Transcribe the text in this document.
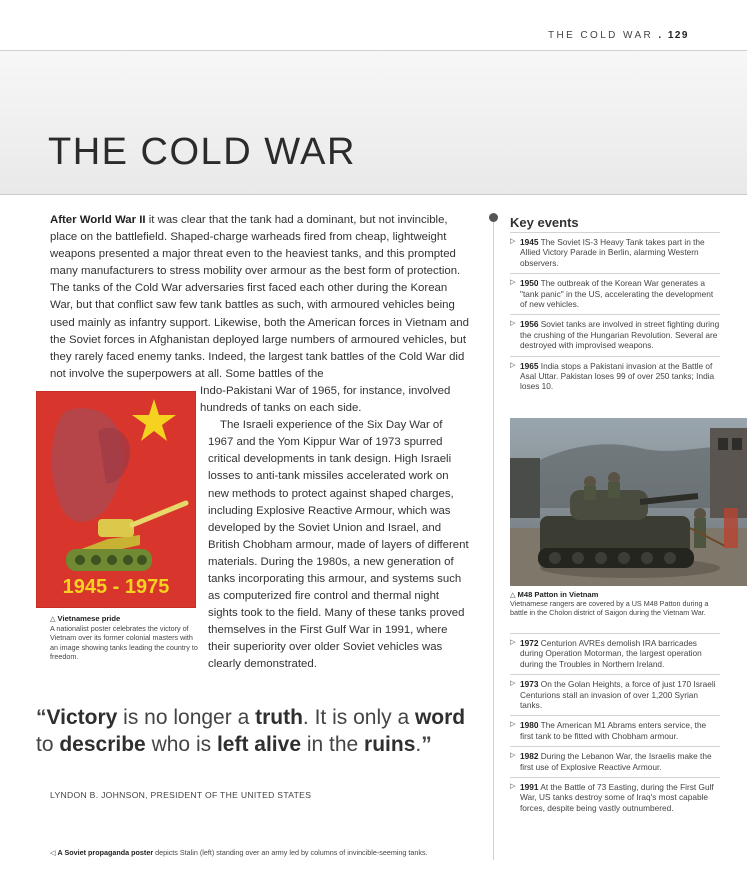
THE COLD WAR . 129
THE COLD WAR

After World War II it was clear that the tank had a dominant, but not invincible, place on the battlefield. Shaped-charge warheads fired from cheap, lightweight weapons presented a major threat even to the heaviest tanks, and this prompted many manufacturers to stress mobility over armour as the best form of protection. The tanks of the Cold War adversaries first faced each other during the Korean War, but that conflict saw few tank battles as such, with armoured vehicles being used mainly as infantry support. Likewise, both the American forces in Vietnam and the Soviet forces in Afghanistan deployed large numbers of armoured vehicles, but they rarely faced enemy tanks. Indeed, the largest tank battles of the Cold War did not involve the superpowers at all. Some battles of the

Indo-Pakistani War of 1965, for instance, involved hundreds of tanks on each side.

The Israeli experience of the Six Day War of 1967 and the Yom Kippur War of 1973 spurred critical developments in tank design. High Israeli losses to anti-tank missiles accelerated work on new methods to protect against shaped charges, including Explosive Reactive Armour, which was developed by the Soviet Union and Israel, and British Chobham armour, made of layers of different materials. During the 1980s, a new generation of tanks incorporating this armour, and systems such as computerized fire control and thermal night sights took to the field. Many of these tanks proved themselves in the First Gulf War in 1991, where their superiority over older Soviet vehicles was clearly demonstrated.

1945 - 1975
△ Vietnamese pride
A nationalist poster celebrates the victory of Vietnam over its former colonial masters with an image showing tanks leading the country to freedom.
“Victory is no longer a truth. It is only a word to describe who is left alive in the ruins.”
LYNDON B. JOHNSON, PRESIDENT OF THE UNITED STATES
◁ A Soviet propaganda poster depicts Stalin (left) standing over an army led by columns of invincible-seeming tanks.
Key events
▷ 1945 The Soviet IS-3 Heavy Tank takes part in the Allied Victory Parade in Berlin, alarming Western observers.
▷ 1950 The outbreak of the Korean War generates a "tank panic" in the US, accelerating the development of new vehicles.
▷ 1956 Soviet tanks are involved in street fighting during the crushing of the Hungarian Revolution. Several are destroyed with improvised weapons.
▷ 1965 India stops a Pakistani invasion at the Battle of Asal Uttar. Pakistan loses 99 of over 250 tanks; India loses 10.
△ M48 Patton in Vietnam
Vietnamese rangers are covered by a US M48 Patton during a battle in the Cholon district of Saigon during the Vietnam War.
▷ 1972 Centurion AVREs demolish IRA barricades during Operation Motorman, the largest operation during the Troubles in Northern Ireland.
▷ 1973 On the Golan Heights, a force of just 170 Israeli Centurions stall an invasion of over 1,200 Syrian tanks.
▷ 1980 The American M1 Abrams enters service, the first tank to be fitted with Chobham armour.
▷ 1982 During the Lebanon War, the Israelis make the first use of Explosive Reactive Armour.
▷ 1991 At the Battle of 73 Easting, during the First Gulf War, US tanks destroy some of Iraq's most capable forces, despite being vastly outnumbered.
